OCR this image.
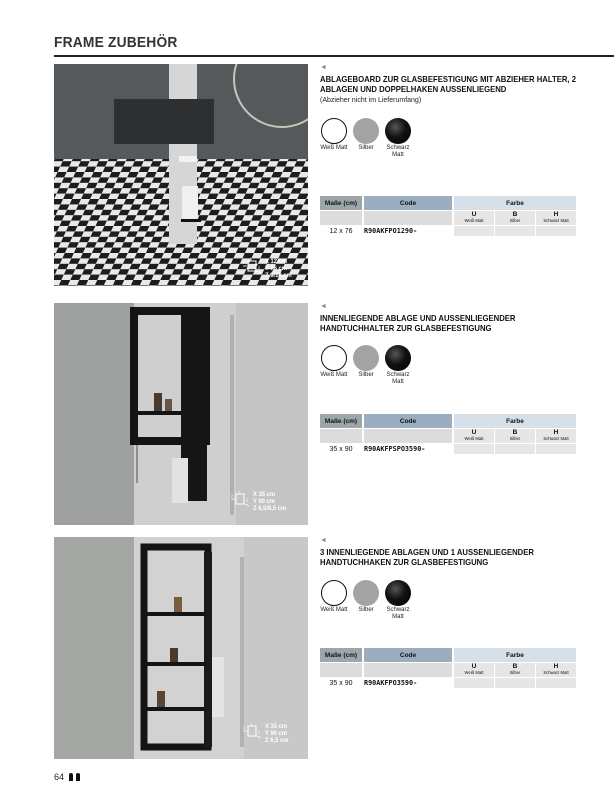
FRAME ZUBEHÖR
X
Y
Z
X 12 cm
Y 76 cm
Z 9/18 cm
◄
ABLAGEBOARD ZUR GLASBEFESTIGUNG MIT ABZIEHER HALTER, 2 ABLAGEN UND DOPPELHAKEN AUSSENLIEGEND
(Abzieher nicht im Lieferumfang)
Weiß Matt	Silber	Schwarz Matt
Maße (cm)	Code	Farbe
U
Weiß Matt
B
Silber
H
Schwarz Matt
12 x 76	R90AKFPO1290-
X
Y
Z
X 35 cm
Y 90 cm
Z 6,5/8,5 cm
◄
INNENLIEGENDE ABLAGE UND AUSSENLIEGENDER HANDTUCHHALTER ZUR GLASBEFESTIGUNG
Weiß Matt	Silber	Schwarz Matt
Maße (cm)	Code	Farbe
U
Weiß Matt
B
Silber
H
Schwarz Matt
35 x 90	R90AKFPSPO3590-
X
Y
Z
X 35 cm
Y 90 cm
Z 6,5 cm
◄
3 INNENLIEGENDE ABLAGEN UND 1 AUSSENLIEGENDER HANDTUCHHAKEN ZUR GLASBEFESTIGUNG
Weiß Matt	Silber	Schwarz Matt
Maße (cm)	Code	Farbe
U
Weiß Matt
B
Silber
H
Schwarz Matt
35 x 90	R90AKFPO3590-
64
